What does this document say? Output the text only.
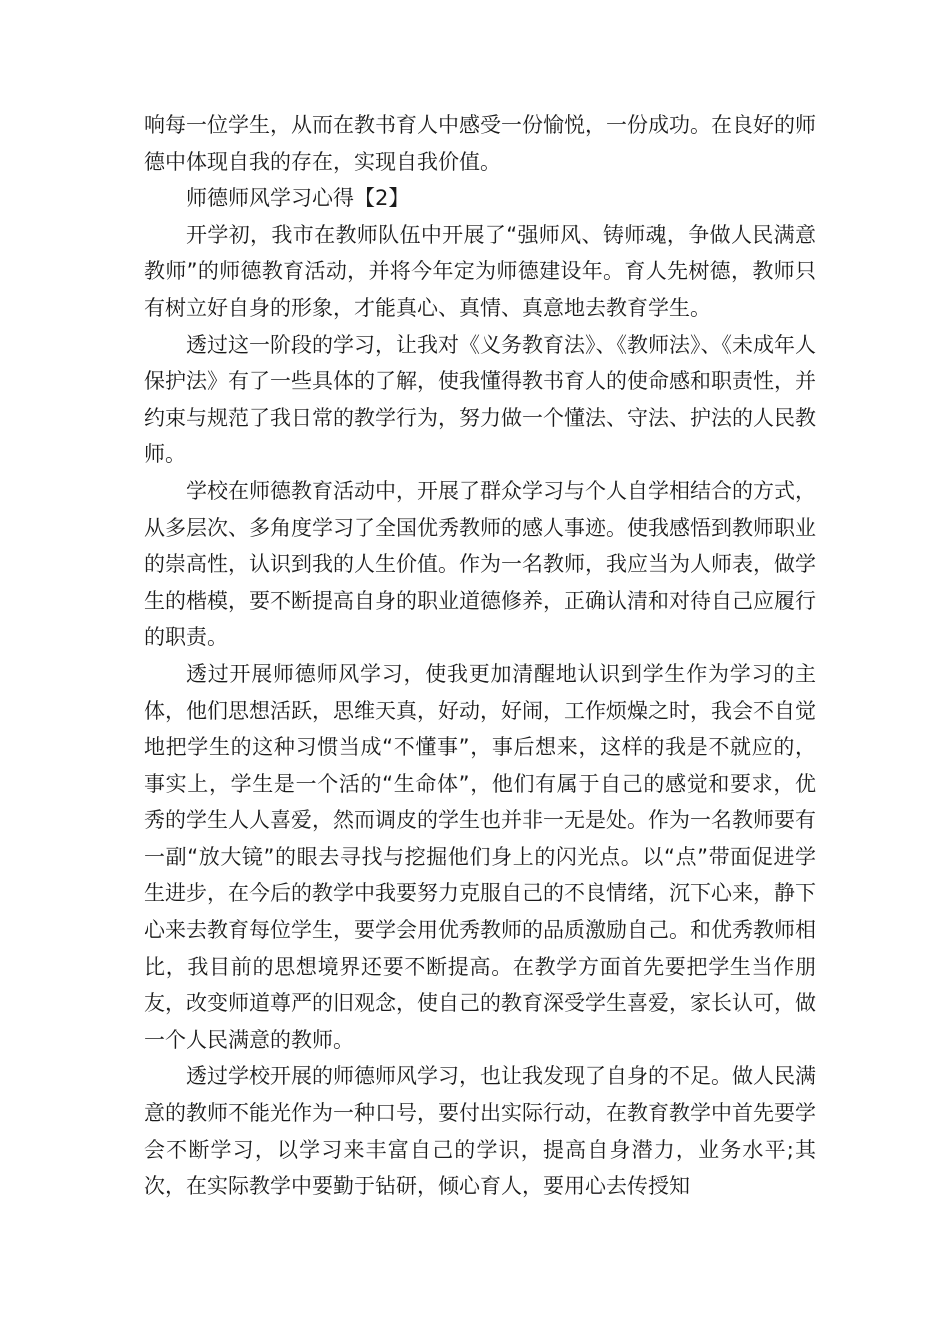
响每一位学生，从而在教书育人中感受一份愉悦，一份成功。在良好的师德中体现自我的存在，实现自我价值。

师德师风学习心得【2】

开学初，我市在教师队伍中开展了“强师风、铸师魂，争做人民满意教师”的师德教育活动，并将今年定为师德建设年。育人先树德，教师只有树立好自身的形象，才能真心、真情、真意地去教育学生。

透过这一阶段的学习，让我对《义务教育法》、《教师法》、《未成年人保护法》有了一些具体的了解，使我懂得教书育人的使命感和职责性，并约束与规范了我日常的教学行为，努力做一个懂法、守法、护法的人民教师。

学校在师德教育活动中，开展了群众学习与个人自学相结合的方式，从多层次、多角度学习了全国优秀教师的感人事迹。使我感悟到教师职业的崇高性，认识到我的人生价值。作为一名教师，我应当为人师表，做学生的楷模，要不断提高自身的职业道德修养，正确认清和对待自己应履行的职责。

透过开展师德师风学习，使我更加清醒地认识到学生作为学习的主体，他们思想活跃，思维天真，好动，好闹，工作烦燥之时，我会不自觉地把学生的这种习惯当成“不懂事”，事后想来，这样的我是不就应的，事实上，学生是一个活的“生命体”，他们有属于自己的感觉和要求，优秀的学生人人喜爱，然而调皮的学生也并非一无是处。作为一名教师要有一副“放大镜”的眼去寻找与挖掘他们身上的闪光点。以“点”带面促进学生进步，在今后的教学中我要努力克服自己的不良情绪，沉下心来，静下心来去教育每位学生，要学会用优秀教师的品质激励自己。和优秀教师相比，我目前的思想境界还要不断提高。在教学方面首先要把学生当作朋友，改变师道尊严的旧观念，使自己的教育深受学生喜爱，家长认可，做一个人民满意的教师。

透过学校开展的师德师风学习，也让我发现了自身的不足。做人民满意的教师不能光作为一种口号，要付出实际行动，在教育教学中首先要学会不断学习，以学习来丰富自己的学识，提高自身潜力，业务水平;其次，在实际教学中要勤于钻研，倾心育人，要用心去传授知
